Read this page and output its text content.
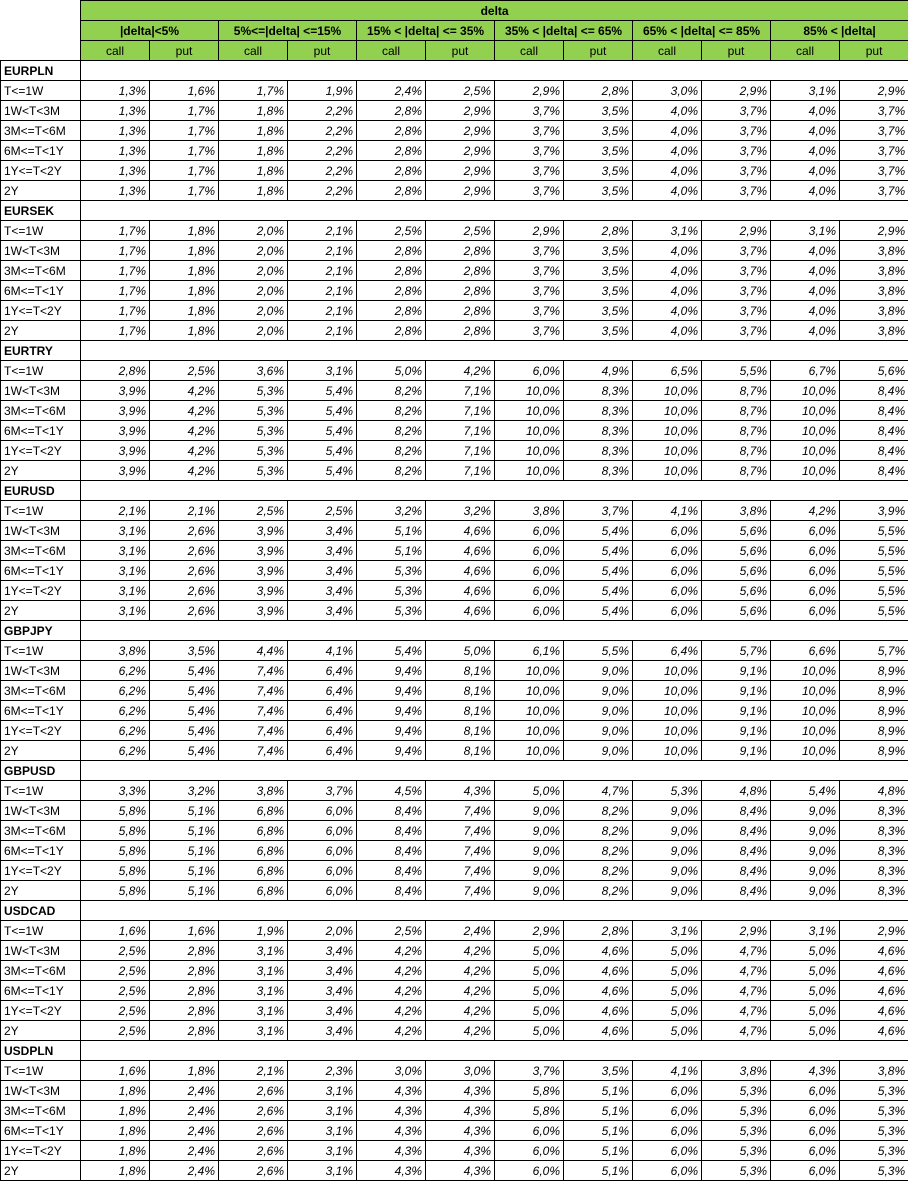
	delta											
	|delta|<5%		5%<=|delta| <=15%		15% < |delta| <= 35%		35% < |delta| <= 65%		65% < |delta| <= 85%		85% < |delta|	
	call	put	call	put	call	put	call	put	call	put	call	put
EURPLN												
T<=1W	1,3%	1,6%	1,7%	1,9%	2,4%	2,5%	2,9%	2,8%	3,0%	2,9%	3,1%	2,9%
1W<T<3M	1,3%	1,7%	1,8%	2,2%	2,8%	2,9%	3,7%	3,5%	4,0%	3,7%	4,0%	3,7%
3M<=T<6M	1,3%	1,7%	1,8%	2,2%	2,8%	2,9%	3,7%	3,5%	4,0%	3,7%	4,0%	3,7%
6M<=T<1Y	1,3%	1,7%	1,8%	2,2%	2,8%	2,9%	3,7%	3,5%	4,0%	3,7%	4,0%	3,7%
1Y<=T<2Y	1,3%	1,7%	1,8%	2,2%	2,8%	2,9%	3,7%	3,5%	4,0%	3,7%	4,0%	3,7%
2Y	1,3%	1,7%	1,8%	2,2%	2,8%	2,9%	3,7%	3,5%	4,0%	3,7%	4,0%	3,7%
EURSEK												
T<=1W	1,7%	1,8%	2,0%	2,1%	2,5%	2,5%	2,9%	2,8%	3,1%	2,9%	3,1%	2,9%
1W<T<3M	1,7%	1,8%	2,0%	2,1%	2,8%	2,8%	3,7%	3,5%	4,0%	3,7%	4,0%	3,8%
3M<=T<6M	1,7%	1,8%	2,0%	2,1%	2,8%	2,8%	3,7%	3,5%	4,0%	3,7%	4,0%	3,8%
6M<=T<1Y	1,7%	1,8%	2,0%	2,1%	2,8%	2,8%	3,7%	3,5%	4,0%	3,7%	4,0%	3,8%
1Y<=T<2Y	1,7%	1,8%	2,0%	2,1%	2,8%	2,8%	3,7%	3,5%	4,0%	3,7%	4,0%	3,8%
2Y	1,7%	1,8%	2,0%	2,1%	2,8%	2,8%	3,7%	3,5%	4,0%	3,7%	4,0%	3,8%
EURTRY												
T<=1W	2,8%	2,5%	3,6%	3,1%	5,0%	4,2%	6,0%	4,9%	6,5%	5,5%	6,7%	5,6%
1W<T<3M	3,9%	4,2%	5,3%	5,4%	8,2%	7,1%	10,0%	8,3%	10,0%	8,7%	10,0%	8,4%
3M<=T<6M	3,9%	4,2%	5,3%	5,4%	8,2%	7,1%	10,0%	8,3%	10,0%	8,7%	10,0%	8,4%
6M<=T<1Y	3,9%	4,2%	5,3%	5,4%	8,2%	7,1%	10,0%	8,3%	10,0%	8,7%	10,0%	8,4%
1Y<=T<2Y	3,9%	4,2%	5,3%	5,4%	8,2%	7,1%	10,0%	8,3%	10,0%	8,7%	10,0%	8,4%
2Y	3,9%	4,2%	5,3%	5,4%	8,2%	7,1%	10,0%	8,3%	10,0%	8,7%	10,0%	8,4%
EURUSD												
T<=1W	2,1%	2,1%	2,5%	2,5%	3,2%	3,2%	3,8%	3,7%	4,1%	3,8%	4,2%	3,9%
1W<T<3M	3,1%	2,6%	3,9%	3,4%	5,1%	4,6%	6,0%	5,4%	6,0%	5,6%	6,0%	5,5%
3M<=T<6M	3,1%	2,6%	3,9%	3,4%	5,1%	4,6%	6,0%	5,4%	6,0%	5,6%	6,0%	5,5%
6M<=T<1Y	3,1%	2,6%	3,9%	3,4%	5,3%	4,6%	6,0%	5,4%	6,0%	5,6%	6,0%	5,5%
1Y<=T<2Y	3,1%	2,6%	3,9%	3,4%	5,3%	4,6%	6,0%	5,4%	6,0%	5,6%	6,0%	5,5%
2Y	3,1%	2,6%	3,9%	3,4%	5,3%	4,6%	6,0%	5,4%	6,0%	5,6%	6,0%	5,5%
GBPJPY												
T<=1W	3,8%	3,5%	4,4%	4,1%	5,4%	5,0%	6,1%	5,5%	6,4%	5,7%	6,6%	5,7%
1W<T<3M	6,2%	5,4%	7,4%	6,4%	9,4%	8,1%	10,0%	9,0%	10,0%	9,1%	10,0%	8,9%
3M<=T<6M	6,2%	5,4%	7,4%	6,4%	9,4%	8,1%	10,0%	9,0%	10,0%	9,1%	10,0%	8,9%
6M<=T<1Y	6,2%	5,4%	7,4%	6,4%	9,4%	8,1%	10,0%	9,0%	10,0%	9,1%	10,0%	8,9%
1Y<=T<2Y	6,2%	5,4%	7,4%	6,4%	9,4%	8,1%	10,0%	9,0%	10,0%	9,1%	10,0%	8,9%
2Y	6,2%	5,4%	7,4%	6,4%	9,4%	8,1%	10,0%	9,0%	10,0%	9,1%	10,0%	8,9%
GBPUSD												
T<=1W	3,3%	3,2%	3,8%	3,7%	4,5%	4,3%	5,0%	4,7%	5,3%	4,8%	5,4%	4,8%
1W<T<3M	5,8%	5,1%	6,8%	6,0%	8,4%	7,4%	9,0%	8,2%	9,0%	8,4%	9,0%	8,3%
3M<=T<6M	5,8%	5,1%	6,8%	6,0%	8,4%	7,4%	9,0%	8,2%	9,0%	8,4%	9,0%	8,3%
6M<=T<1Y	5,8%	5,1%	6,8%	6,0%	8,4%	7,4%	9,0%	8,2%	9,0%	8,4%	9,0%	8,3%
1Y<=T<2Y	5,8%	5,1%	6,8%	6,0%	8,4%	7,4%	9,0%	8,2%	9,0%	8,4%	9,0%	8,3%
2Y	5,8%	5,1%	6,8%	6,0%	8,4%	7,4%	9,0%	8,2%	9,0%	8,4%	9,0%	8,3%
USDCAD												
T<=1W	1,6%	1,6%	1,9%	2,0%	2,5%	2,4%	2,9%	2,8%	3,1%	2,9%	3,1%	2,9%
1W<T<3M	2,5%	2,8%	3,1%	3,4%	4,2%	4,2%	5,0%	4,6%	5,0%	4,7%	5,0%	4,6%
3M<=T<6M	2,5%	2,8%	3,1%	3,4%	4,2%	4,2%	5,0%	4,6%	5,0%	4,7%	5,0%	4,6%
6M<=T<1Y	2,5%	2,8%	3,1%	3,4%	4,2%	4,2%	5,0%	4,6%	5,0%	4,7%	5,0%	4,6%
1Y<=T<2Y	2,5%	2,8%	3,1%	3,4%	4,2%	4,2%	5,0%	4,6%	5,0%	4,7%	5,0%	4,6%
2Y	2,5%	2,8%	3,1%	3,4%	4,2%	4,2%	5,0%	4,6%	5,0%	4,7%	5,0%	4,6%
USDPLN												
T<=1W	1,6%	1,8%	2,1%	2,3%	3,0%	3,0%	3,7%	3,5%	4,1%	3,8%	4,3%	3,8%
1W<T<3M	1,8%	2,4%	2,6%	3,1%	4,3%	4,3%	5,8%	5,1%	6,0%	5,3%	6,0%	5,3%
3M<=T<6M	1,8%	2,4%	2,6%	3,1%	4,3%	4,3%	5,8%	5,1%	6,0%	5,3%	6,0%	5,3%
6M<=T<1Y	1,8%	2,4%	2,6%	3,1%	4,3%	4,3%	6,0%	5,1%	6,0%	5,3%	6,0%	5,3%
1Y<=T<2Y	1,8%	2,4%	2,6%	3,1%	4,3%	4,3%	6,0%	5,1%	6,0%	5,3%	6,0%	5,3%
2Y	1,8%	2,4%	2,6%	3,1%	4,3%	4,3%	6,0%	5,1%	6,0%	5,3%	6,0%	5,3%
